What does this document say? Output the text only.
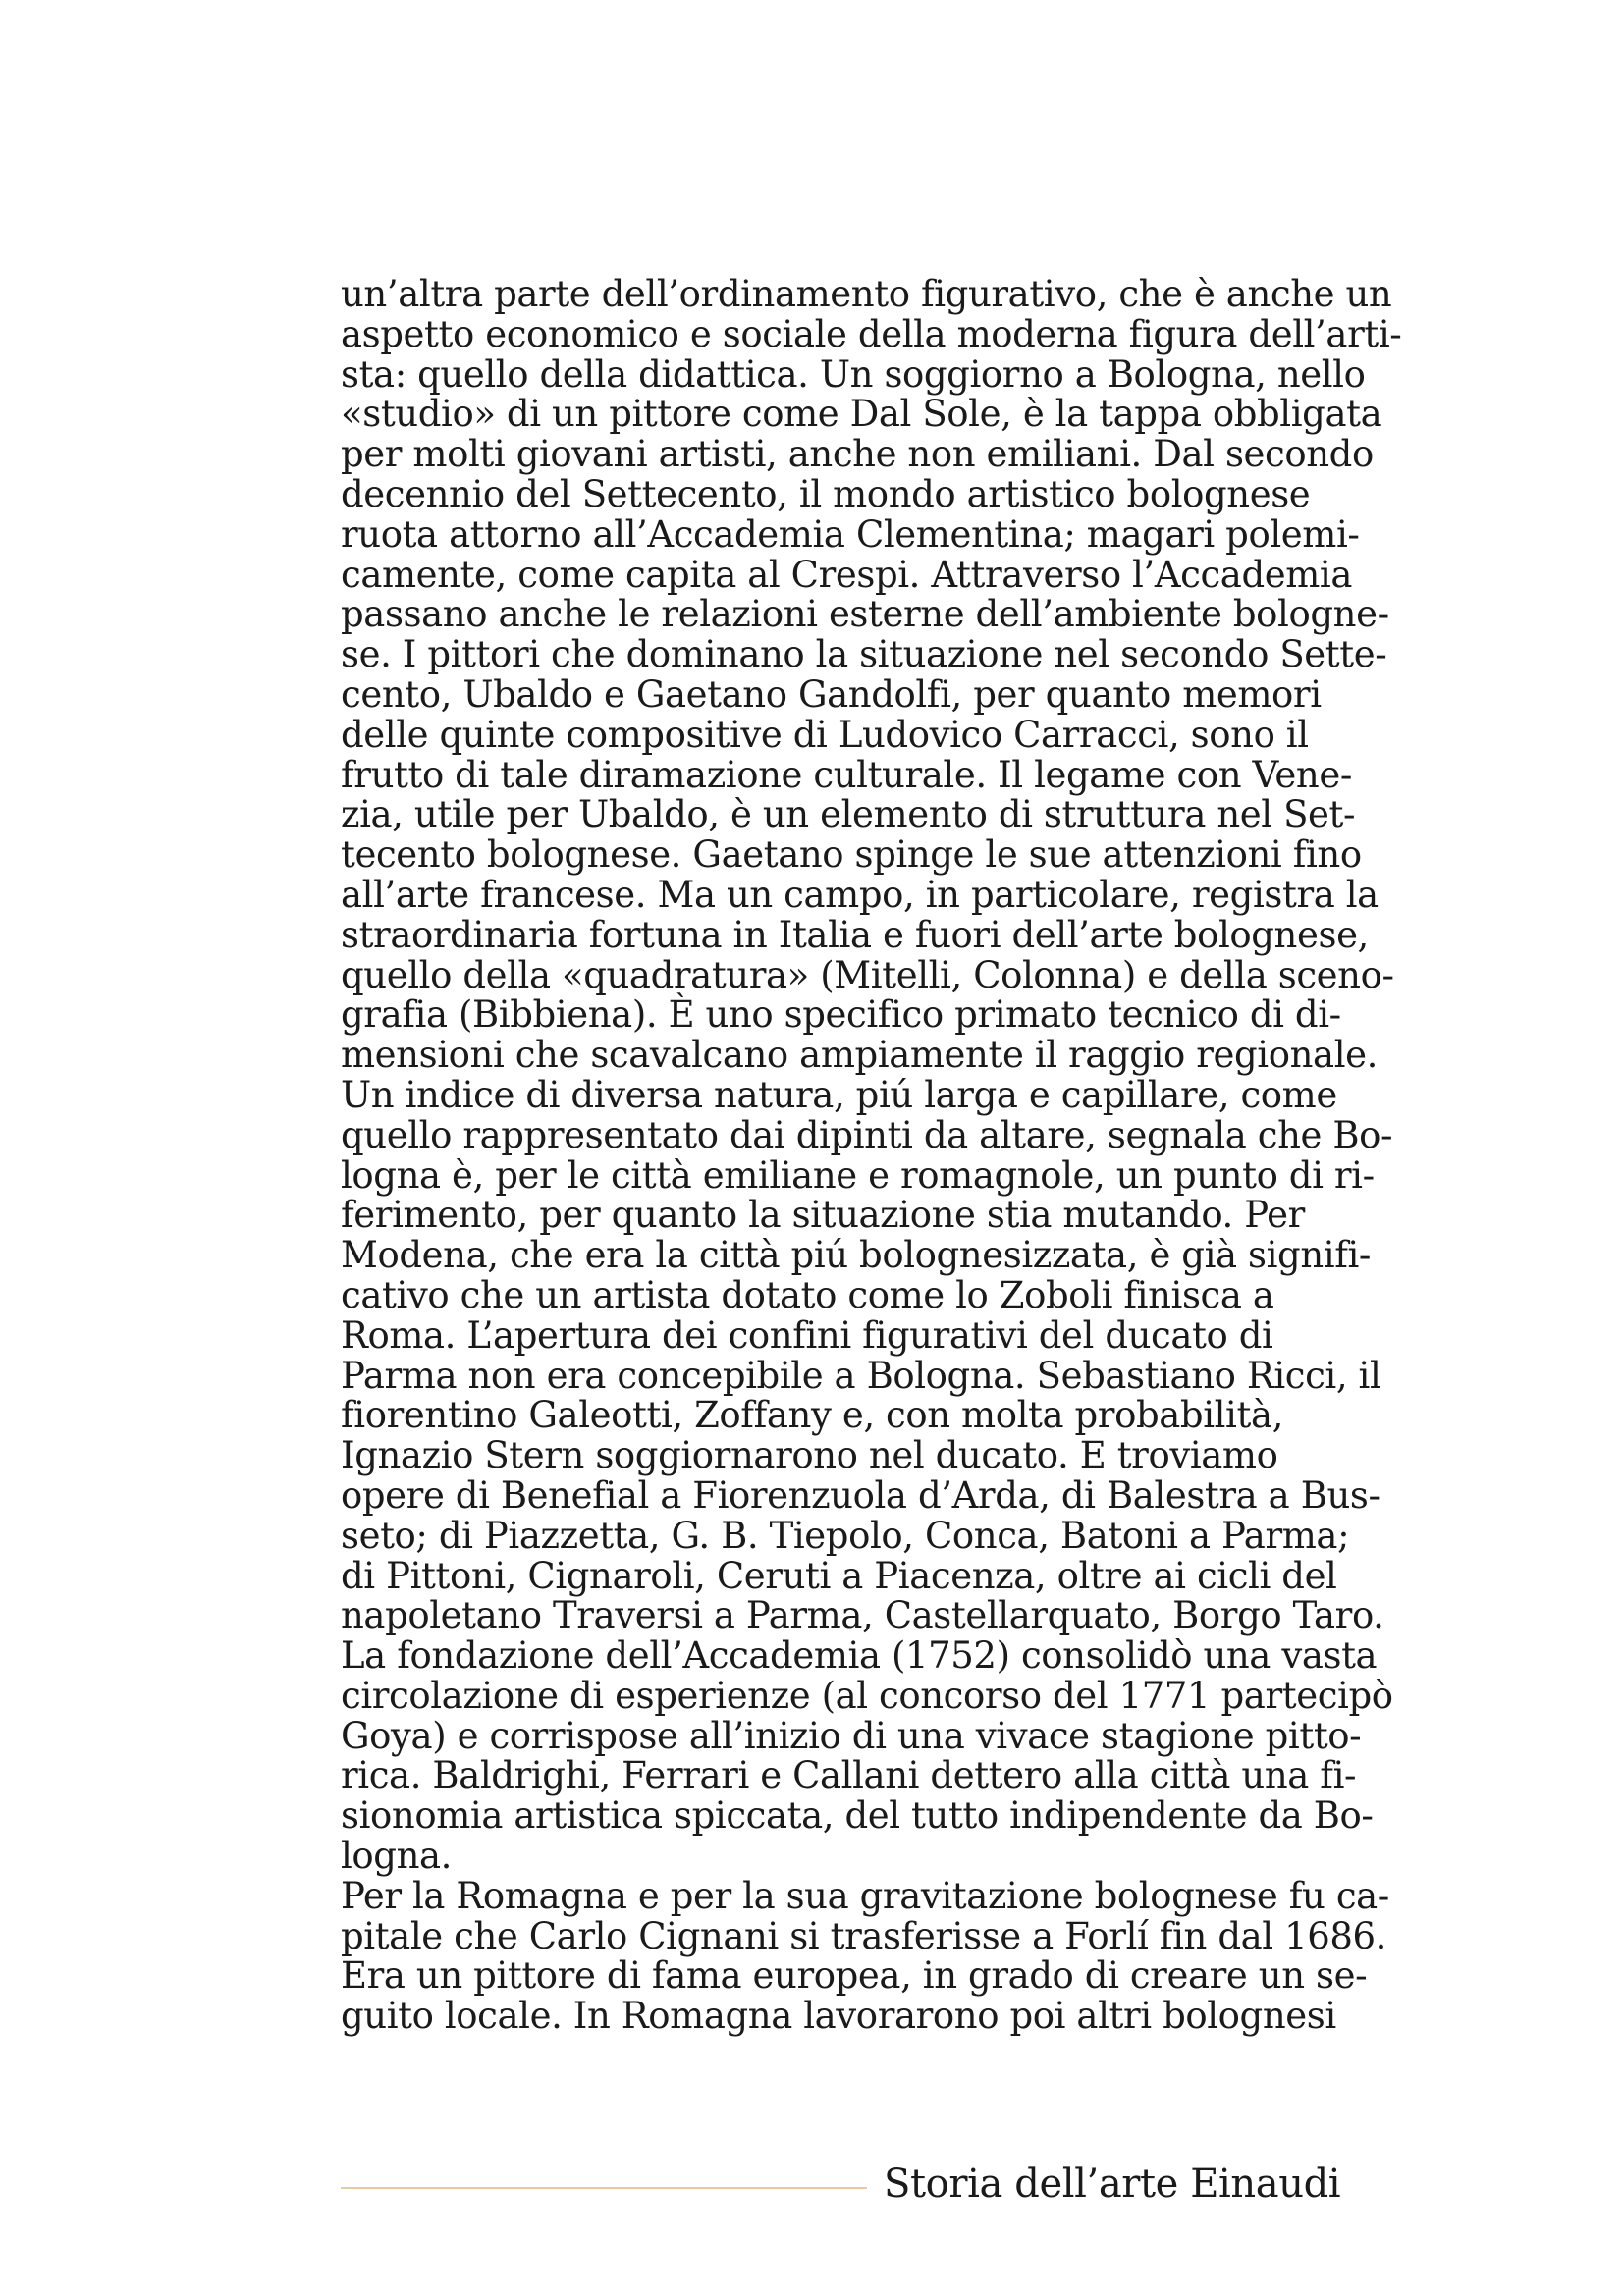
un’altra parte dell’ordinamento figurativo, che è anche un
aspetto economico e sociale della moderna figura dell’arti-
sta: quello della didattica. Un soggiorno a Bologna, nello
«studio» di un pittore come Dal Sole, è la tappa obbligata
per molti giovani artisti, anche non emiliani. Dal secondo
decennio del Settecento, il mondo artistico bolognese
ruota attorno all’Accademia Clementina; magari polemi-
camente, come capita al Crespi. Attraverso l’Accademia
passano anche le relazioni esterne dell’ambiente bologne-
se. I pittori che dominano la situazione nel secondo Sette-
cento, Ubaldo e Gaetano Gandolfi, per quanto memori
delle quinte compositive di Ludovico Carracci, sono il
frutto di tale diramazione culturale. Il legame con Vene-
zia, utile per Ubaldo, è un elemento di struttura nel Set-
tecento bolognese. Gaetano spinge le sue attenzioni fino
all’arte francese. Ma un campo, in particolare, registra la
straordinaria fortuna in Italia e fuori dell’arte bolognese,
quello della «quadratura» (Mitelli, Colonna) e della sceno-
grafia (Bibbiena). È uno specifico primato tecnico di di-
mensioni che scavalcano ampiamente il raggio regionale.
Un indice di diversa natura, piú larga e capillare, come
quello rappresentato dai dipinti da altare, segnala che Bo-
logna è, per le città emiliane e romagnole, un punto di ri-
ferimento, per quanto la situazione stia mutando. Per
Modena, che era la città piú bolognesizzata, è già signifi-
cativo che un artista dotato come lo Zoboli finisca a
Roma. L’apertura dei confini figurativi del ducato di
Parma non era concepibile a Bologna. Sebastiano Ricci, il
fiorentino Galeotti, Zoffany e, con molta probabilità,
Ignazio Stern soggiornarono nel ducato. E troviamo
opere di Benefial a Fiorenzuola d’Arda, di Balestra a Bus-
seto; di Piazzetta, G. B. Tiepolo, Conca, Batoni a Parma;
di Pittoni, Cignaroli, Ceruti a Piacenza, oltre ai cicli del
napoletano Traversi a Parma, Castellarquato, Borgo Taro.
La fondazione dell’Accademia (1752) consolidò una vasta
circolazione di esperienze (al concorso del 1771 partecipò
Goya) e corrispose all’inizio di una vivace stagione pitto-
rica. Baldrighi, Ferrari e Callani dettero alla città una fi-
sionomia artistica spiccata, del tutto indipendente da Bo-
logna.
Per la Romagna e per la sua gravitazione bolognese fu ca-
pitale che Carlo Cignani si trasferisse a Forlí fin dal 1686.
Era un pittore di fama europea, in grado di creare un se-
guito locale. In Romagna lavorarono poi altri bolognesi
Storia dell’arte Einaudi
